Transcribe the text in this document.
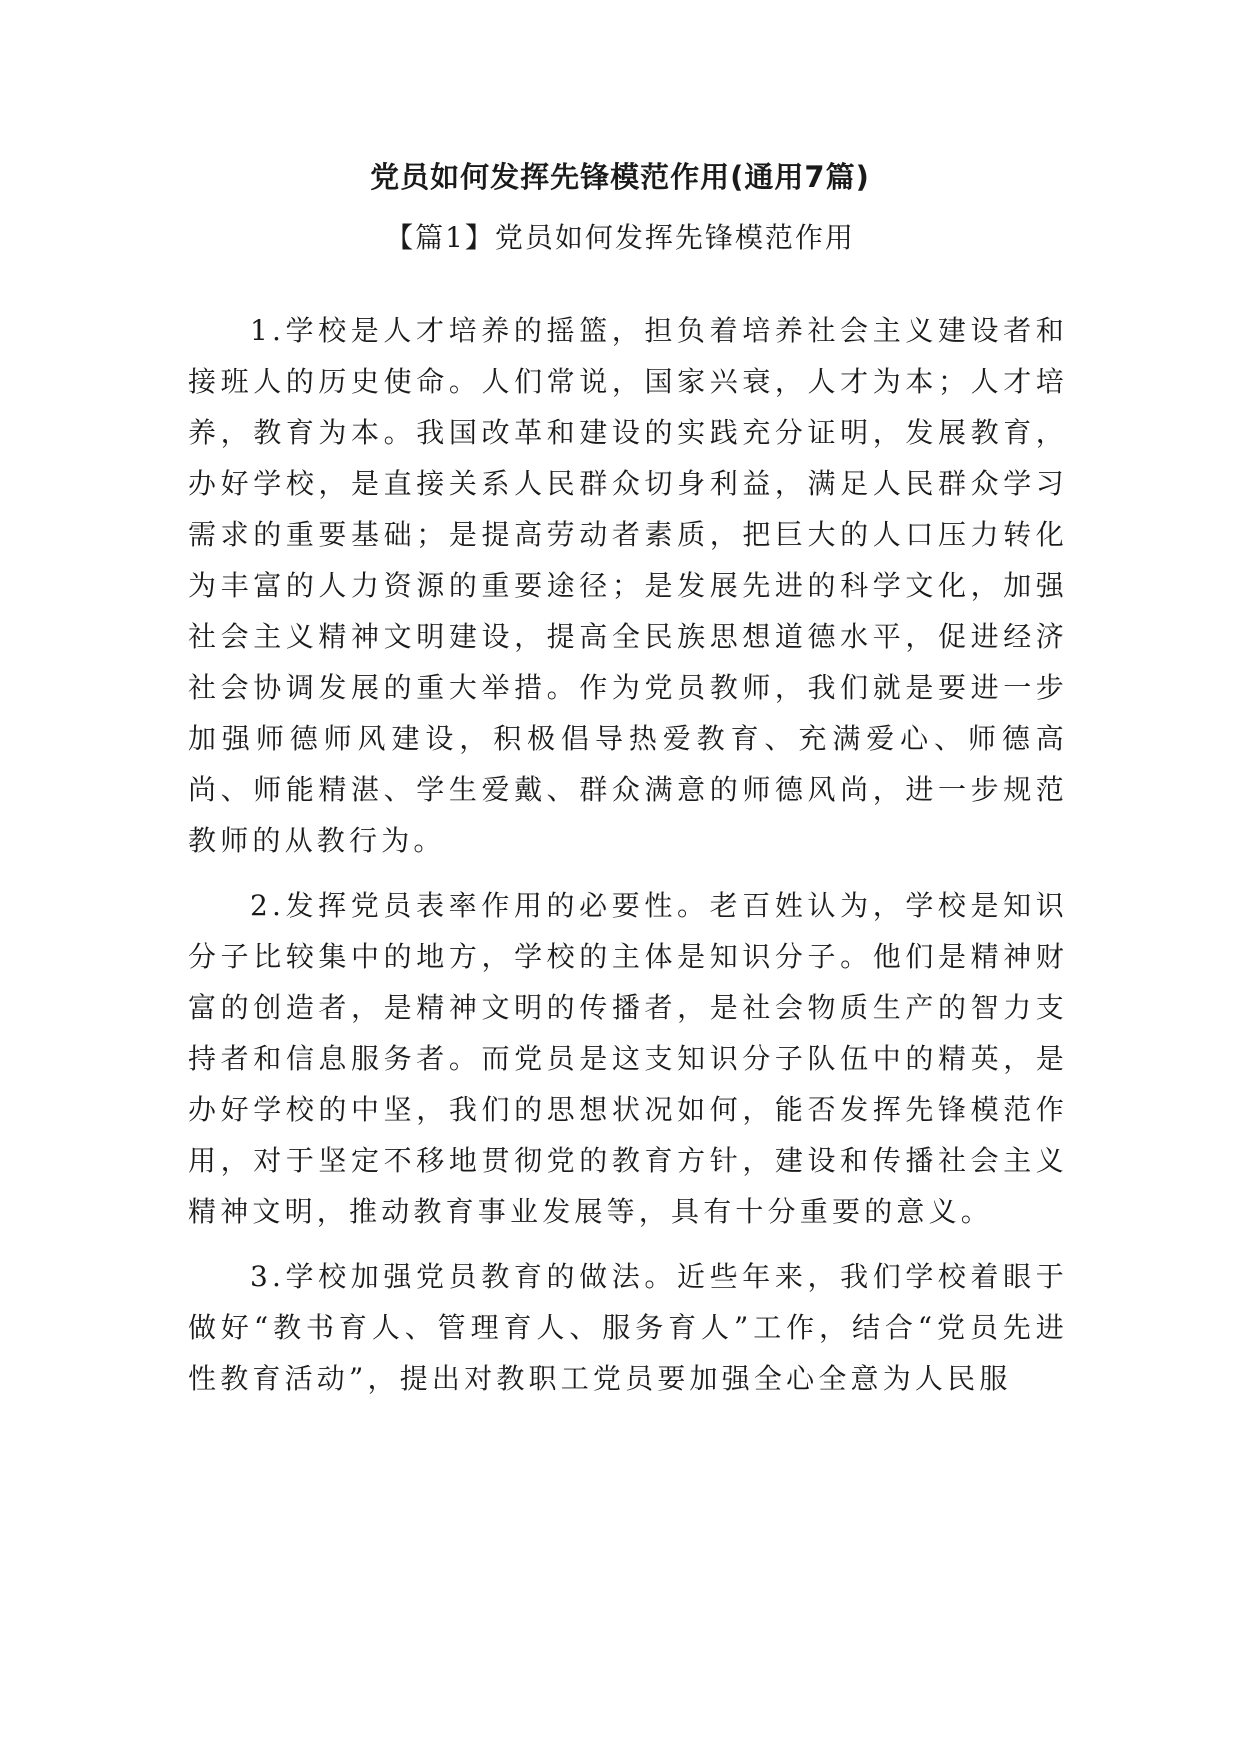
党员如何发挥先锋模范作用(通用7篇)
【篇1】党员如何发挥先锋模范作用

1.学校是人才培养的摇篮，担负着培养社会主义建设者和接班人的历史使命。人们常说，国家兴衰，人才为本；人才培养，教育为本。我国改革和建设的实践充分证明，发展教育，办好学校，是直接关系人民群众切身利益，满足人民群众学习需求的重要基础；是提高劳动者素质，把巨大的人口压力转化为丰富的人力资源的重要途径；是发展先进的科学文化，加强社会主义精神文明建设，提高全民族思想道德水平，促进经济社会协调发展的重大举措。作为党员教师，我们就是要进一步加强师德师风建设，积极倡导热爱教育、充满爱心、师德高尚、师能精湛、学生爱戴、群众满意的师德风尚，进一步规范教师的从教行为。

2.发挥党员表率作用的必要性。老百姓认为，学校是知识分子比较集中的地方，学校的主体是知识分子。他们是精神财富的创造者，是精神文明的传播者，是社会物质生产的智力支持者和信息服务者。而党员是这支知识分子队伍中的精英，是办好学校的中坚，我们的思想状况如何，能否发挥先锋模范作用，对于坚定不移地贯彻党的教育方针，建设和传播社会主义精神文明，推动教育事业发展等，具有十分重要的意义。

3.学校加强党员教育的做法。近些年来，我们学校着眼于做好“教书育人、管理育人、服务育人”工作，结合“党员先进性教育活动”，提出对教职工党员要加强全心全意为人民服
